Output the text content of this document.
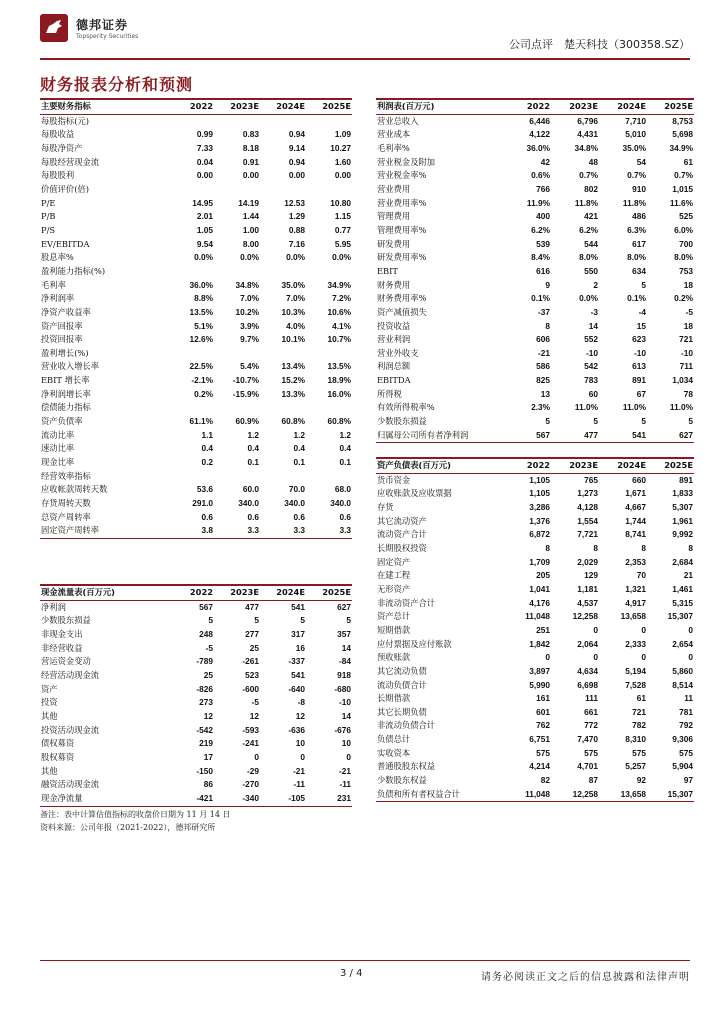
德邦证券
Topsperity Securities
公司点评　楚天科技（300358.SZ）
财务报表分析和预测
主要财务指标	2022	2023E	2024E	2025E
每股指标(元)				
每股收益	0.99	0.83	0.94	1.09
每股净资产	7.33	8.18	9.14	10.27
每股经营现金流	0.04	0.91	0.94	1.60
每股股利	0.00	0.00	0.00	0.00
价值评价(倍)				
P/E	14.95	14.19	12.53	10.80
P/B	2.01	1.44	1.29	1.15
P/S	1.05	1.00	0.88	0.77
EV/EBITDA	9.54	8.00	7.16	5.95
股息率%	0.0%	0.0%	0.0%	0.0%
盈利能力指标(%)				
毛利率	36.0%	34.8%	35.0%	34.9%
净利润率	8.8%	7.0%	7.0%	7.2%
净资产收益率	13.5%	10.2%	10.3%	10.6%
资产回报率	5.1%	3.9%	4.0%	4.1%
投资回报率	12.6%	9.7%	10.1%	10.7%
盈利增长(%)				
营业收入增长率	22.5%	5.4%	13.4%	13.5%
EBIT 增长率	-2.1%	-10.7%	15.2%	18.9%
净利润增长率	0.2%	-15.9%	13.3%	16.0%
偿债能力指标				
资产负债率	61.1%	60.9%	60.8%	60.8%
流动比率	1.1	1.2	1.2	1.2
速动比率	0.4	0.4	0.4	0.4
现金比率	0.2	0.1	0.1	0.1
经营效率指标				
应收帐款周转天数	53.6	60.0	70.0	68.0
存货周转天数	291.0	340.0	340.0	340.0
总资产周转率	0.6	0.6	0.6	0.6
固定资产周转率	3.8	3.3	3.3	3.3
利润表(百万元)	2022	2023E	2024E	2025E
营业总收入	6,446	6,796	7,710	8,753
营业成本	4,122	4,431	5,010	5,698
毛利率%	36.0%	34.8%	35.0%	34.9%
营业税金及附加	42	48	54	61
营业税金率%	0.6%	0.7%	0.7%	0.7%
营业费用	766	802	910	1,015
营业费用率%	11.9%	11.8%	11.8%	11.6%
管理费用	400	421	486	525
管理费用率%	6.2%	6.2%	6.3%	6.0%
研发费用	539	544	617	700
研发费用率%	8.4%	8.0%	8.0%	8.0%
EBIT	616	550	634	753
财务费用	9	2	5	18
财务费用率%	0.1%	0.0%	0.1%	0.2%
资产减值损失	-37	-3	-4	-5
投资收益	8	14	15	18
营业利润	606	552	623	721
营业外收支	-21	-10	-10	-10
利润总额	586	542	613	711
EBITDA	825	783	891	1,034
所得税	13	60	67	78
有效所得税率%	2.3%	11.0%	11.0%	11.0%
少数股东损益	5	5	5	5
归属母公司所有者净利润	567	477	541	627
资产负债表(百万元)	2022	2023E	2024E	2025E
货币资金	1,105	765	660	891
应收账款及应收票据	1,105	1,273	1,671	1,833
存货	3,286	4,128	4,667	5,307
其它流动资产	1,376	1,554	1,744	1,961
流动资产合计	6,872	7,721	8,741	9,992
长期股权投资	8	8	8	8
固定资产	1,709	2,029	2,353	2,684
在建工程	205	129	70	21
无形资产	1,041	1,181	1,321	1,461
非流动资产合计	4,176	4,537	4,917	5,315
资产总计	11,048	12,258	13,658	15,307
短期借款	251	0	0	0
应付票据及应付账款	1,842	2,064	2,333	2,654
预收账款	0	0	0	0
其它流动负债	3,897	4,634	5,194	5,860
流动负债合计	5,990	6,698	7,528	8,514
长期借款	161	111	61	11
其它长期负债	601	661	721	781
非流动负债合计	762	772	782	792
负债总计	6,751	7,470	8,310	9,306
实收资本	575	575	575	575
普通股股东权益	4,214	4,701	5,257	5,904
少数股东权益	82	87	92	97
负债和所有者权益合计	11,048	12,258	13,658	15,307
现金流量表(百万元)	2022	2023E	2024E	2025E
净利润	567	477	541	627
少数股东损益	5	5	5	5
非现金支出	248	277	317	357
非经营收益	-5	25	16	14
营运资金变动	-789	-261	-337	-84
经营活动现金流	25	523	541	918
资产	-826	-600	-640	-680
投资	273	-5	-8	-10
其他	12	12	12	14
投资活动现金流	-542	-593	-636	-676
债权募资	219	-241	10	10
股权募资	17	0	0	0
其他	-150	-29	-21	-21
融资活动现金流	86	-270	-11	-11
现金净流量	-421	-340	-105	231
备注：表中计算估值指标的收盘价日期为 11 月 14 日
资料来源：公司年报（2021-2022），德邦研究所
3 / 4	请务必阅读正文之后的信息披露和法律声明
